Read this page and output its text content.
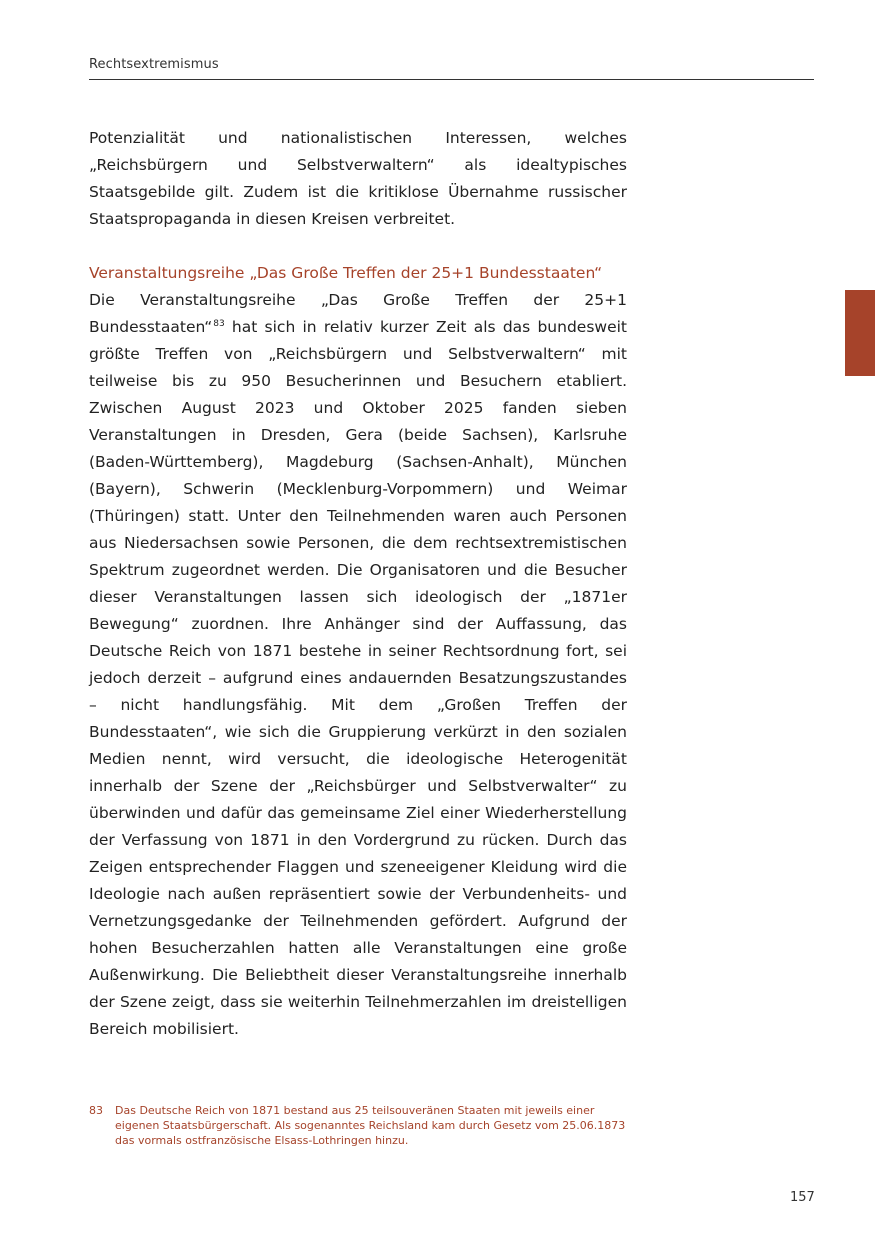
Rechtsextremismus

Potenzialität und nationalistischen Interessen, welches „Reichsbürgern und Selbstverwaltern“ als idealtypisches Staatsgebilde gilt. Zudem ist die kritiklose Übernahme russischer Staatspropaganda in diesen Kreisen verbreitet.

Veranstaltungsreihe „Das Große Treffen der 25+1 Bundesstaaten“

Die Veranstaltungsreihe „Das Große Treffen der 25+1 Bundesstaaten“$^{83}$ hat sich in relativ kurzer Zeit als das bundesweit größte Treffen von „Reichsbürgern und Selbstverwaltern“ mit teilweise bis zu 950 Besucherinnen und Besuchern etabliert. Zwischen August 2023 und Oktober 2025 fanden sieben Veranstaltungen in Dresden, Gera (beide Sachsen), Karlsruhe (Baden-Württemberg), Magdeburg (Sachsen-Anhalt), München (Bayern), Schwerin (Mecklenburg-Vorpommern) und Weimar (Thüringen) statt. Unter den Teilnehmenden waren auch Personen aus Niedersachsen sowie Personen, die dem rechtsextremistischen Spektrum zugeordnet werden. Die Organisatoren und die Besucher dieser Veranstaltungen lassen sich ideologisch der „1871er Bewegung“ zuordnen. Ihre Anhänger sind der Auffassung, das Deutsche Reich von 1871 bestehe in seiner Rechtsordnung fort, sei jedoch derzeit – aufgrund eines andauernden Besatzungszustandes – nicht handlungsfähig. Mit dem „Großen Treffen der Bundesstaaten“, wie sich die Gruppierung verkürzt in den sozialen Medien nennt, wird versucht, die ideologische Heterogenität innerhalb der Szene der „Reichsbürger und Selbstverwalter“ zu überwinden und dafür das gemeinsame Ziel einer Wiederherstellung der Verfassung von 1871 in den Vordergrund zu rücken. Durch das Zeigen entsprechender Flaggen und szeneeigener Kleidung wird die Ideologie nach außen repräsentiert sowie der Verbundenheits- und Vernetzungsgedanke der Teilnehmenden gefördert. Aufgrund der hohen Besucherzahlen hatten alle Veranstaltungen eine große Außenwirkung. Die Beliebtheit dieser Veranstaltungsreihe innerhalb der Szene zeigt, dass sie weiterhin Teilnehmerzahlen im dreistelligen Bereich mobilisiert.

83	Das Deutsche Reich von 1871 bestand aus 25 teilsouveränen Staaten mit jeweils einer eigenen Staatsbürgerschaft. Als sogenanntes Reichsland kam durch Gesetz vom 25.06.1873 das vormals ostfranzösische Elsass-Lothringen hinzu.
157
